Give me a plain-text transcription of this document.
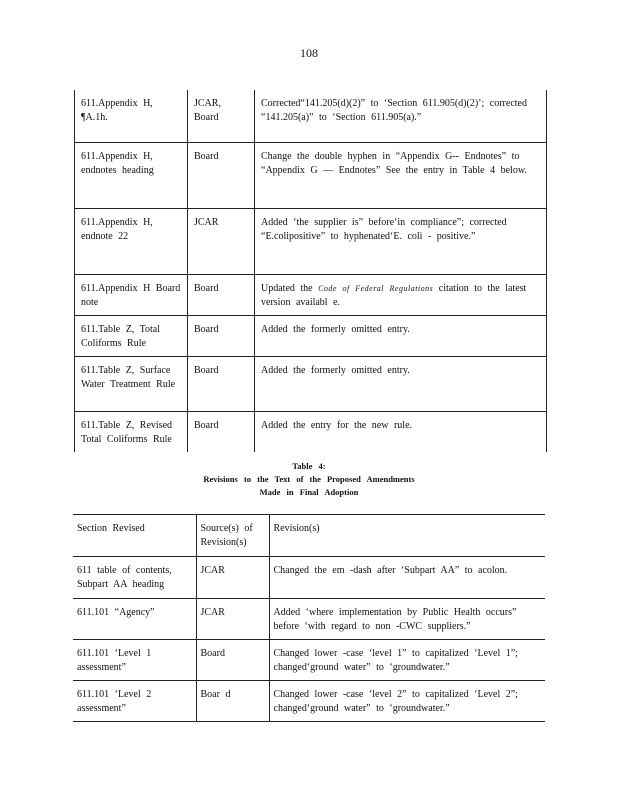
108
611.Appendix H, ¶A.1h.	JCAR, Board	Corrected“141.205(d)(2)” to ‘Section 611.905(d)(2)’; corrected “141.205(a)” to ‘Section 611.905(a).”
611.Appendix H, endnotes heading	Board	Change the double hyphen in “Appendix G-- Endnotes” to “Appendix G — Endnotes” See the entry in Table 4 below.
611.Appendix H, endnote 22	JCAR	Added ‘the supplier is” before‘in compliance”; corrected “E.colipositive” to hyphenated‘E. coli - positive.”
611.Appendix H Board note	Board	Updated the Code of Federal Regulations citation to the latest version availabl e.
611.Table Z, Total Coliforms Rule	Board	Added the formerly omitted entry.
611.Table Z, Surface Water Treatment Rule	Board	Added the formerly omitted entry.
611.Table Z, Revised Total Coliforms Rule	Board	Added the entry for the new rule.
Table 4:
Revisions to the Text of the Proposed Amendments
Made in Final Adoption
Section Revised	Source(s) of Revision(s)	Revision(s)
611 table of contents, Subpart AA heading	JCAR	Changed the em -dash after ‘Subpart AA” to acolon.
611.101 “Agency”	JCAR	Added ‘where implementation by Public Health occurs” before ‘with regard to non -CWC suppliers.”
611.101 ‘Level 1 assessment”	Board	Changed lower -case ‘level 1” to capitalized ‘Level 1”; changed‘ground water” to ‘groundwater.”
611.101 ‘Level 2 assessment”	Boar d	Changed lower -case ‘level 2” to capitalized ‘Level 2”; changed‘ground water” to ‘groundwater.”
